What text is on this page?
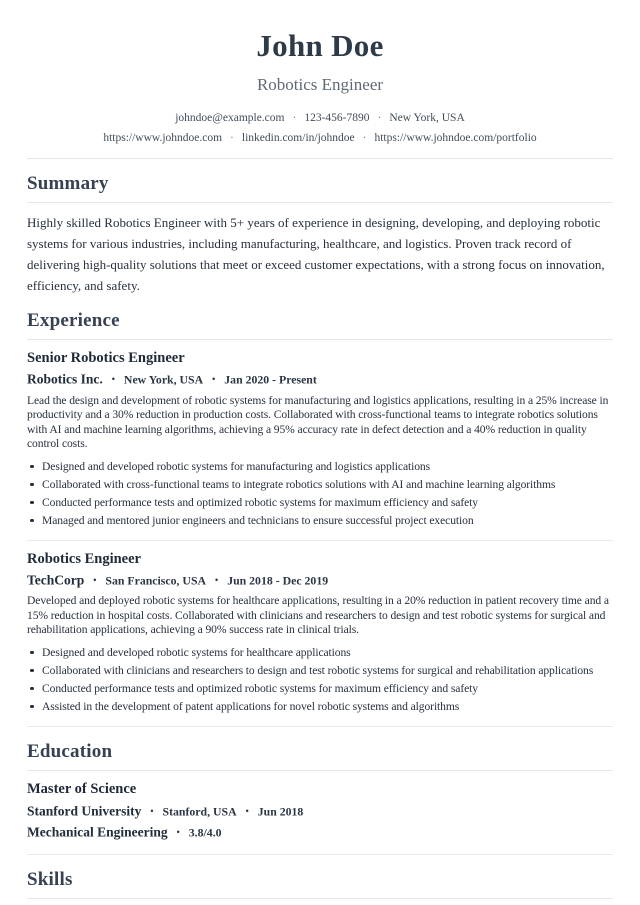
John Doe
Robotics Engineer
johndoe@example.com · 123-456-7890 · New York, USA
https://www.johndoe.com · linkedin.com/in/johndoe · https://www.johndoe.com/portfolio
Summary

Highly skilled Robotics Engineer with 5+ years of experience in designing, developing, and deploying robotic systems for various industries, including manufacturing, healthcare, and logistics. Proven track record of delivering high-quality solutions that meet or exceed customer expectations, with a strong focus on innovation, efficiency, and safety.

Experience
Senior Robotics Engineer
Robotics Inc. • New York, USA • Jan 2020 - Present

Lead the design and development of robotic systems for manufacturing and logistics applications, resulting in a 25% increase in productivity and a 30% reduction in production costs. Collaborated with cross-functional teams to integrate robotics solutions with AI and machine learning algorithms, achieving a 95% accuracy rate in defect detection and a 40% reduction in quality control costs.

Designed and developed robotic systems for manufacturing and logistics applications
Collaborated with cross-functional teams to integrate robotics solutions with AI and machine learning algorithms
Conducted performance tests and optimized robotic systems for maximum efficiency and safety
Managed and mentored junior engineers and technicians to ensure successful project execution
Robotics Engineer
TechCorp • San Francisco, USA • Jun 2018 - Dec 2019

Developed and deployed robotic systems for healthcare applications, resulting in a 20% reduction in patient recovery time and a 15% reduction in hospital costs. Collaborated with clinicians and researchers to design and test robotic systems for surgical and rehabilitation applications, achieving a 90% success rate in clinical trials.

Designed and developed robotic systems for healthcare applications
Collaborated with clinicians and researchers to design and test robotic systems for surgical and rehabilitation applications
Conducted performance tests and optimized robotic systems for maximum efficiency and safety
Assisted in the development of patent applications for novel robotic systems and algorithms
Education
Master of Science
Stanford University • Stanford, USA • Jun 2018
Mechanical Engineering • 3.8/4.0
Skills
